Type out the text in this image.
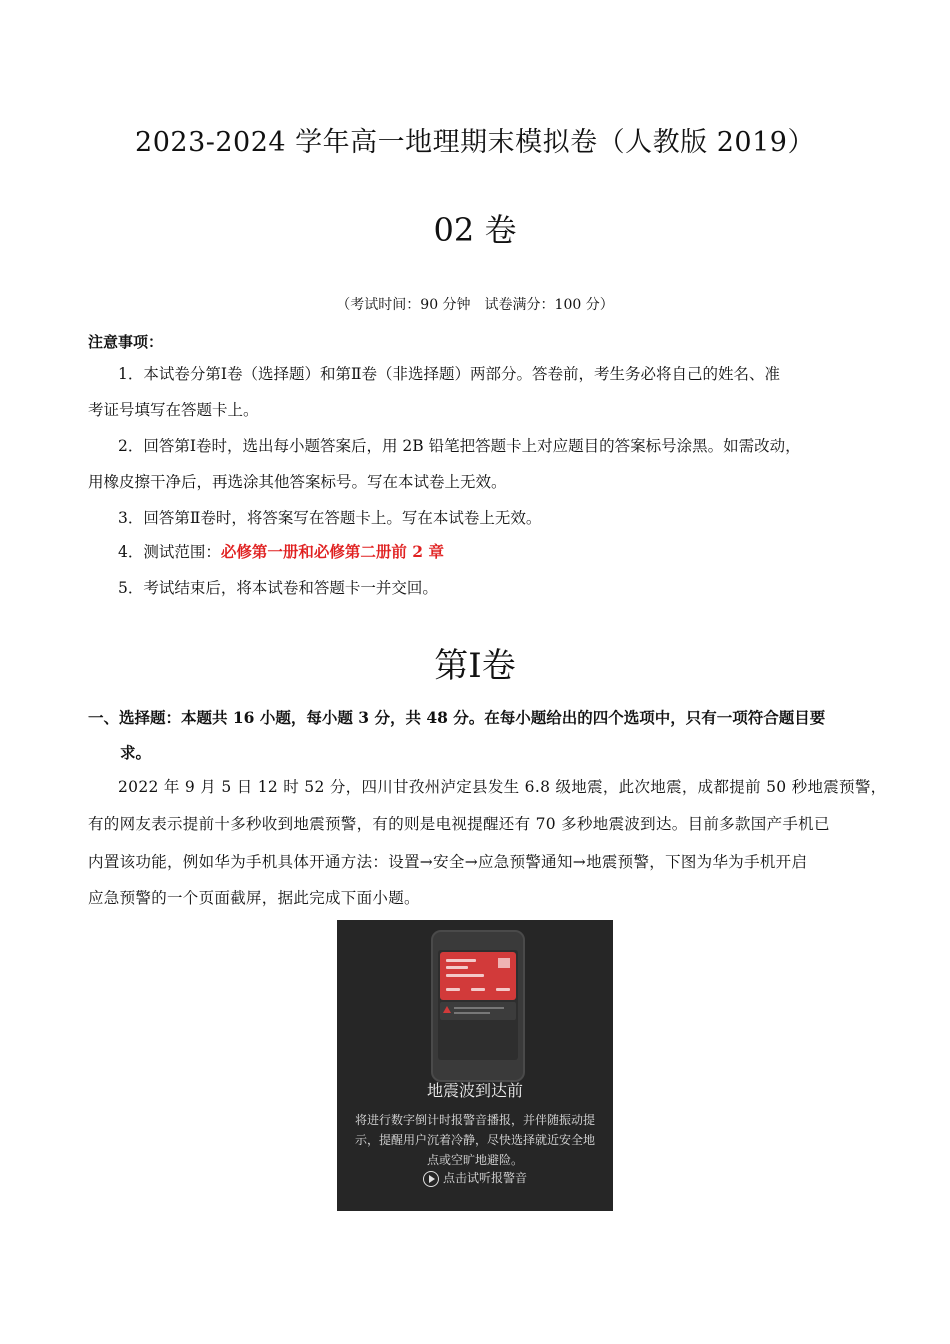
2023-2024 学年高一地理期末模拟卷（人教版 2019）
02 卷
（考试时间：90 分钟　试卷满分：100 分）
注意事项：
1．本试卷分第Ⅰ卷（选择题）和第Ⅱ卷（非选择题）两部分。答卷前，考生务必将自己的姓名、准
考证号填写在答题卡上。
2．回答第Ⅰ卷时，选出每小题答案后，用 2B 铅笔把答题卡上对应题目的答案标号涂黑。如需改动，
用橡皮擦干净后，再选涂其他答案标号。写在本试卷上无效。
3．回答第Ⅱ卷时，将答案写在答题卡上。写在本试卷上无效。
4．测试范围：必修第一册和必修第二册前 2 章
5．考试结束后，将本试卷和答题卡一并交回。
第Ⅰ卷
一、选择题：本题共 16 小题，每小题 3 分，共 48 分。在每小题给出的四个选项中，只有一项符合题目要
求。
2022 年 9 月 5 日 12 时 52 分，四川甘孜州泸定县发生 6.8 级地震，此次地震，成都提前 50 秒地震预警，
有的网友表示提前十多秒收到地震预警，有的则是电视提醒还有 70 多秒地震波到达。目前多款国产手机已
内置该功能，例如华为手机具体开通方法：设置→安全→应急预警通知→地震预警，下图为华为手机开启
应急预警的一个页面截屏，据此完成下面小题。
地震波到达前
将进行数字倒计时报警音播报，并伴随振动提
示，提醒用户沉着冷静，尽快选择就近安全地
点或空旷地避险。
点击试听报警音
